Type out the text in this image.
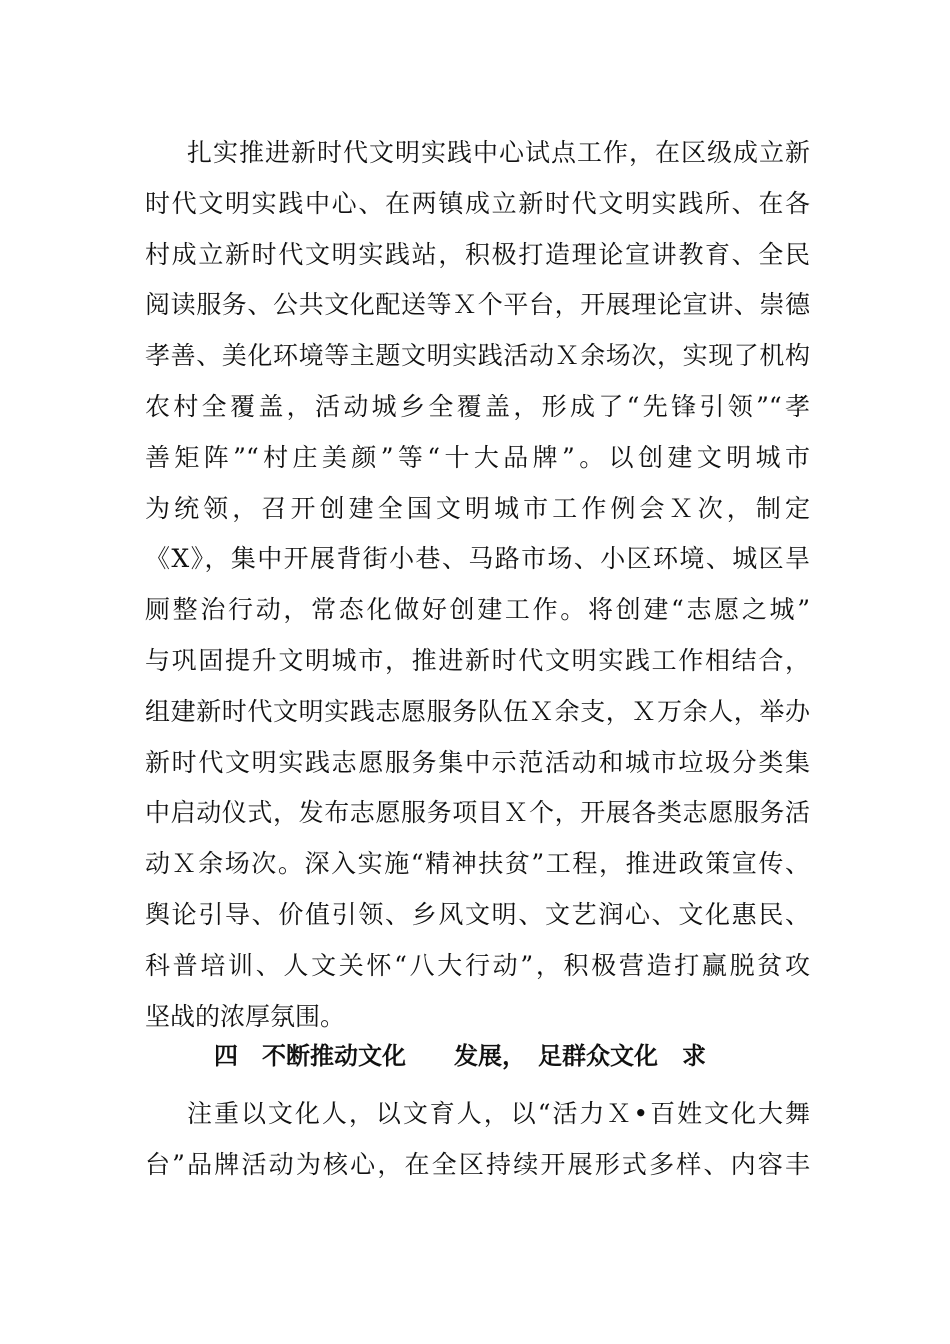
扎实推进新时代文明实践中心试点工作，在区级成立新
时代文明实践中心、在两镇成立新时代文明实践所、在各
村成立新时代文明实践站，积极打造理论宣讲教育、全民
阅读服务、公共文化配送等Ｘ个平台，开展理论宣讲、崇德
孝善、美化环境等主题文明实践活动Ｘ余场次，实现了机构
农村全覆盖，活动城乡全覆盖，形成了“先锋引领”“孝
善矩阵”“村庄美颜”等“十大品牌”。以创建文明城市
为统领，召开创建全国文明城市工作例会Ｘ次，制定
《X》，集中开展背街小巷、马路市场、小区环境、城区旱
厕整治行动，常态化做好创建工作。将创建“志愿之城”
与巩固提升文明城市，推进新时代文明实践工作相结合，
组建新时代文明实践志愿服务队伍Ｘ余支，Ｘ万余人，举办
新时代文明实践志愿服务集中示范活动和城市垃圾分类集
中启动仪式，发布志愿服务项目Ｘ个，开展各类志愿服务活
动Ｘ余场次。深入实施“精神扶贫”工程，推进政策宣传、
舆论引导、价值引领、乡风文明、文艺润心、文化惠民、
科普培训、人文关怀“八大行动”，积极营造打赢脱贫攻
坚战的浓厚氛围。
四　不断推动文化　　发展，　足群众文化　求
注重以文化人，以文育人，以“活力Ｘ•百姓文化大舞
台”品牌活动为核心，在全区持续开展形式多样、内容丰
